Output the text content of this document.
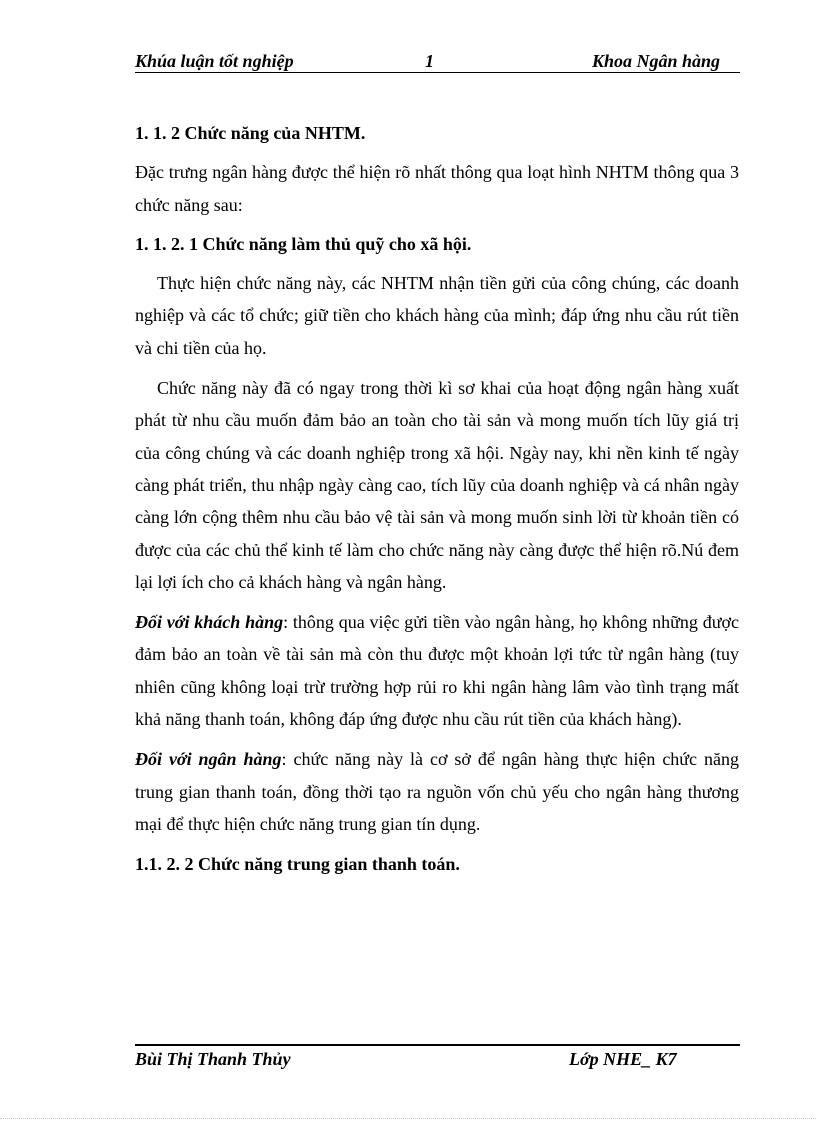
Khúa luận tốt nghiệp	1	Khoa Ngân hàng

1. 1. 2 Chức năng của NHTM.

Đặc trưng ngân hàng được thể hiện rõ nhất thông qua loạt hình NHTM thông qua 3 chức năng sau:

1. 1. 2. 1 Chức năng làm thủ quỹ cho xã hội.

Thực hiện chức năng này, các NHTM nhận tiền gửi của công chúng, các doanh nghiệp và các tổ chức; giữ tiền cho khách hàng của mình; đáp ứng nhu cầu rút tiền và chi tiền của họ.

Chức năng này đã có ngay trong thời kì sơ khai của hoạt động ngân hàng xuất phát từ nhu cầu muốn đảm bảo an toàn cho tài sản và mong muốn tích lũy giá trị của công chúng và các doanh nghiệp trong xã hội. Ngày nay, khi nền kinh tế ngày càng phát triển, thu nhập ngày càng cao, tích lũy của doanh nghiệp và cá nhân ngày càng lớn cộng thêm nhu cầu bảo vệ tài sản và mong muốn sinh lời từ khoản tiền có được của các chủ thể kinh tế làm cho chức năng này càng được thể hiện rõ.Nú đem lại lợi ích cho cả khách hàng và ngân hàng.

Đối với khách hàng: thông qua việc gửi tiền vào ngân hàng, họ không những được đảm bảo an toàn về tài sản mà còn thu được một khoản lợi tức từ ngân hàng (tuy nhiên cũng không loại trừ trường hợp rủi ro khi ngân hàng lâm vào tình trạng mất khả năng thanh toán, không đáp ứng được nhu cầu rút tiền của khách hàng).

Đối với ngân hàng: chức năng này là cơ sở để ngân hàng thực hiện chức năng trung gian thanh toán, đồng thời tạo ra nguồn vốn chủ yếu cho ngân hàng thương mại để thực hiện chức năng trung gian tín dụng.

1.1. 2. 2 Chức năng trung gian thanh toán.

Bùi Thị Thanh Thủy	Lớp NHE_ K7
